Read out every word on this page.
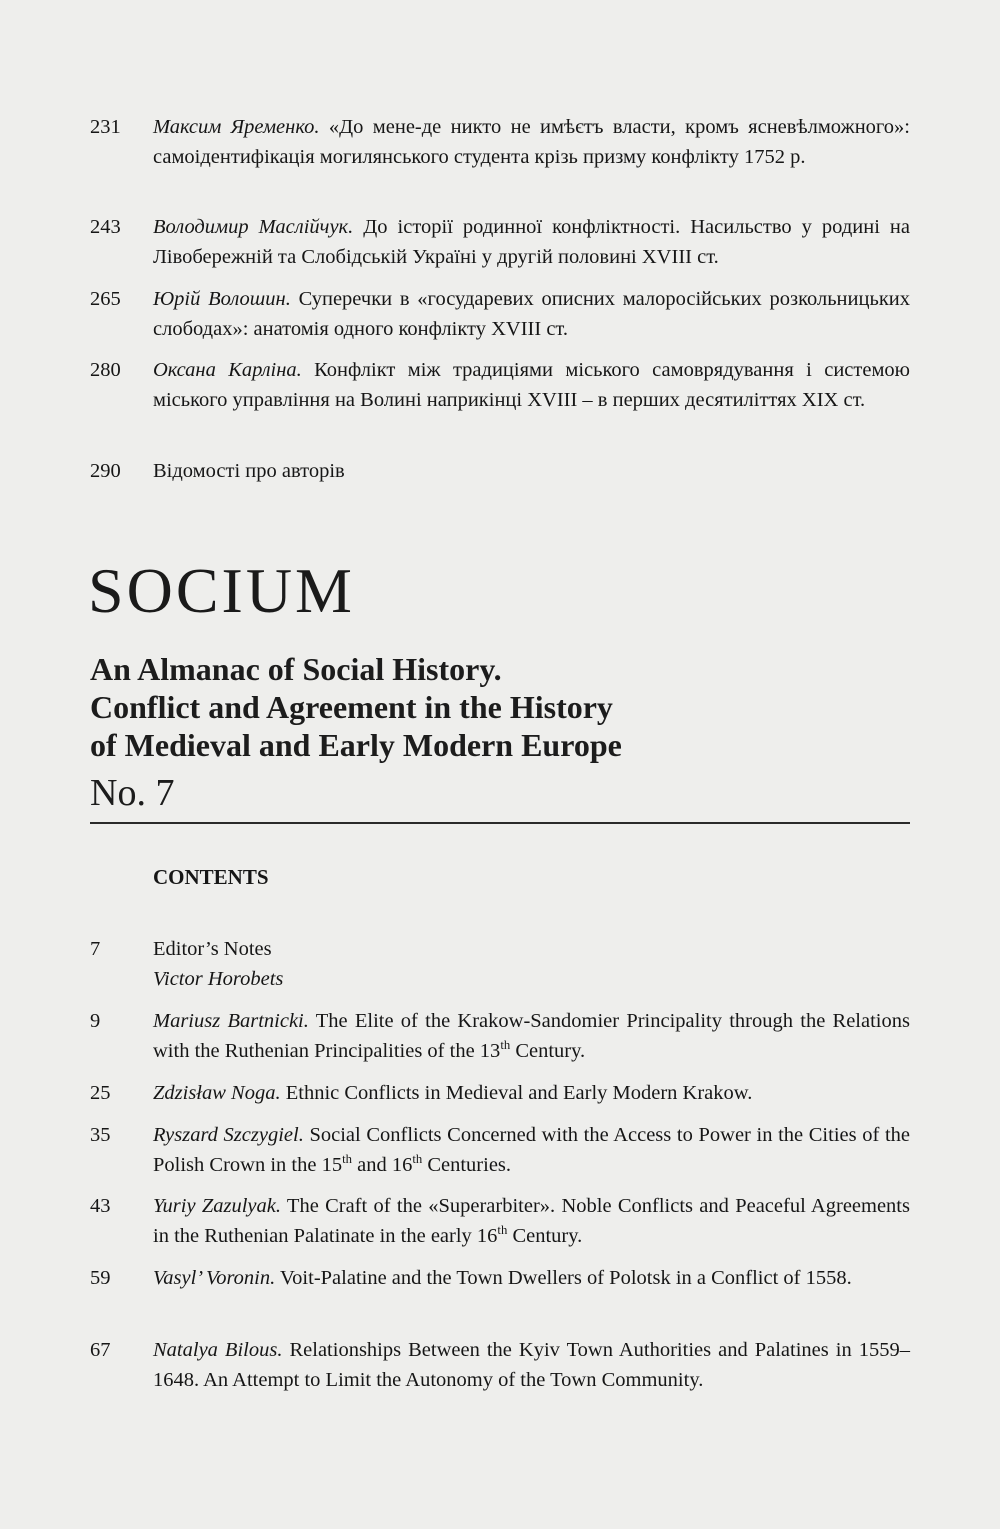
231	Максим Яременко. «До мене-де никто не имѣєтъ власти, кромъ ясневѣлможного»: самоідентифікація могилянського студента крізь призму конфлікту 1752 р.
243	Володимир Маслійчук. До історії родинної конфліктності. Насильство у родині на Лівобережній та Слобідській Україні у другій половині XVIII ст.
265	Юрій Волошин. Суперечки в «государевих описних малоросійських розкольницьких слободах»: анатомія одного конфлікту XVIII ст.
280	Оксана Карліна. Конфлікт між традиціями міського самоврядування і системою міського управління на Волині наприкінці XVIII – в перших десятиліттях XIX ст.
290	Відомості про авторів
SOCIUM
An Almanac of Social History.
Conflict and Agreement in the History
of Medieval and Early Modern Europe
No. 7
CONTENTS
7	Editor’s Notes
Victor Horobets
9	Mariusz Bartnicki. The Elite of the Krakow-Sandomier Principality through the Relations with the Ruthenian Principalities of the 13th Century.
25	Zdzisław Noga. Ethnic Conflicts in Medieval and Early Modern Krakow.
35	Ryszard Szczygiel. Social Conflicts Concerned with the Access to Power in the Cities of the Polish Crown in the 15th and 16th Centuries.
43	Yuriy Zazulyak. The Craft of the «Superarbiter». Noble Conflicts and Peaceful Agreements in the Ruthenian Palatinate in the early 16th Century.
59	Vasyl’ Voronin. Voit-Palatine and the Town Dwellers of Polotsk in a Conflict of 1558.
67	Natalya Bilous. Relationships Between the Kyiv Town Authorities and Palatines in 1559–1648. An Attempt to Limit the Autonomy of the Town Community.
